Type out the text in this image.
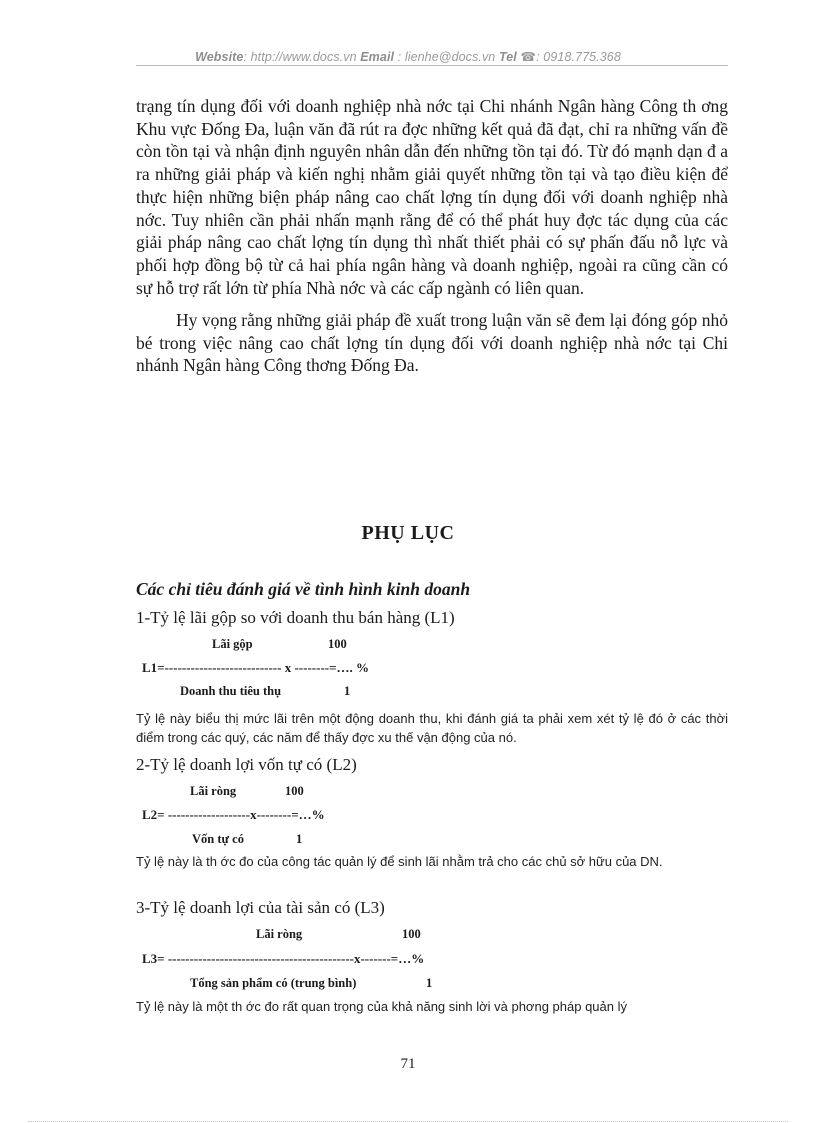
Website: http://www.docs.vn Email : lienhe@docs.vn Tel ☎: 0918.775.368

trạng tín dụng đối với doanh nghiệp nhà nớc tại Chi nhánh Ngân hàng Công th ơng Khu vực Đống Đa, luận văn đã rút ra đợc những kết quả đã đạt, chỉ ra những vấn đề còn tồn tại và nhận định nguyên nhân dẫn đến những tồn tại đó. Từ đó mạnh dạn đ a ra những giải pháp và kiến nghị nhằm giải quyết những tồn tại và tạo điều kiện để thực hiện những biện pháp nâng cao chất lợng tín dụng đối với doanh nghiệp nhà nớc. Tuy nhiên cần phải nhấn mạnh rằng để có thể phát huy đợc tác dụng của các giải pháp nâng cao chất lợng tín dụng thì nhất thiết phải có sự phấn đấu nỗ lực và phối hợp đồng bộ từ cả hai phía ngân hàng và doanh nghiệp, ngoài ra cũng cần có sự hỗ trợ rất lớn từ phía Nhà nớc và các cấp ngành có liên quan.

Hy vọng rằng những giải pháp đề xuất trong luận văn sẽ đem lại đóng góp nhỏ bé trong việc nâng cao chất lợng tín dụng đối với doanh nghiệp nhà nớc tại Chi nhánh Ngân hàng Công thơng Đống Đa.

PHỤ LỤC
Các chỉ tiêu đánh giá về tình hình kinh doanh
1-Tỷ lệ lãi gộp so với doanh thu bán hàng (L1)
Lãi gộp	100
L1=--------------------------- x --------=…. %
Doanh thu tiêu thụ	1

Tỷ lệ này biểu thị mức lãi trên một động doanh thu, khi đánh giá ta phải xem xét tỷ lệ đó ở các thời điểm trong các quý, các năm để thấy đợc xu thế vận động của nó.

2-Tỷ lệ doanh lợi vốn tự có (L2)
Lãi ròng	100
L2= -------------------x--------=…%
Vốn tự có	1

Tỷ lệ này là th ớc đo của công tác quản lý để sinh lãi nhằm trả cho các chủ sở hữu của DN.

3-Tỷ lệ doanh lợi của tài sản có (L3)
Lãi ròng	100
L3= -------------------------------------------x-------=…%
Tổng sản phẩm có (trung bình)	1

Tỷ lệ này là một th ớc đo rất quan trọng của khả năng sinh lời và phơng pháp quản lý

71
